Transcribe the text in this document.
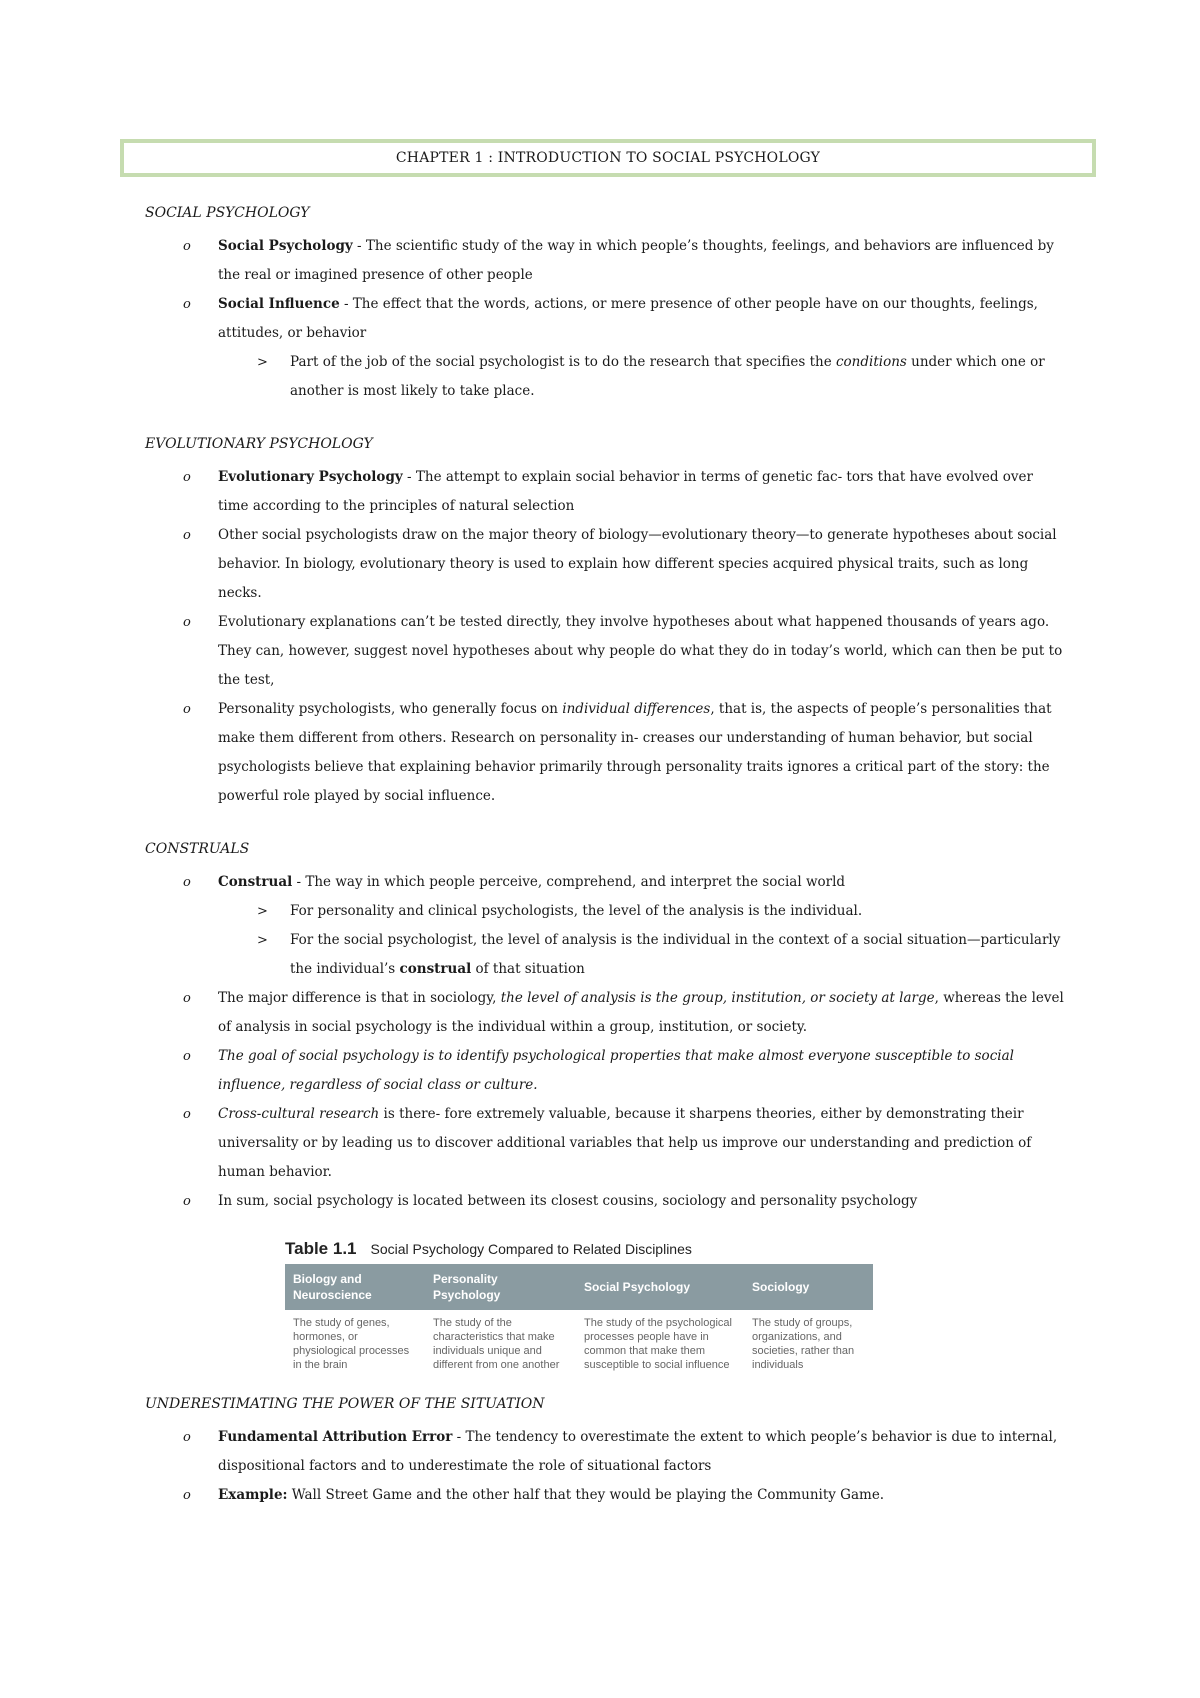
CHAPTER 1 : INTRODUCTION TO SOCIAL PSYCHOLOGY
SOCIAL PSYCHOLOGY
o Social Psychology - The scientific study of the way in which people’s thoughts, feelings, and behaviors are influenced by the real or imagined presence of other people
o Social Influence - The effect that the words, actions, or mere presence of other people have on our thoughts, feelings, attitudes, or behavior
> Part of the job of the social psychologist is to do the research that specifies the conditions under which one or another is most likely to take place.
EVOLUTIONARY PSYCHOLOGY
o Evolutionary Psychology - The attempt to explain social behavior in terms of genetic fac- tors that have evolved over time according to the principles of natural selection
o Other social psychologists draw on the major theory of biology—evolutionary theory—to generate hypotheses about social behavior. In biology, evolutionary theory is used to explain how different species acquired physical traits, such as long necks.
o Evolutionary explanations can’t be tested directly, they involve hypotheses about what happened thousands of years ago. They can, however, suggest novel hypotheses about why people do what they do in today’s world, which can then be put to the test,
o Personality psychologists, who generally focus on individual differences, that is, the aspects of people’s personalities that make them different from others. Research on personality in- creases our understanding of human behavior, but social psychologists believe that explaining behavior primarily through personality traits ignores a critical part of the story: the powerful role played by social influence.
CONSTRUALS
o Construal - The way in which people perceive, comprehend, and interpret the social world
> For personality and clinical psychologists, the level of the analysis is the individual.
> For the social psychologist, the level of analysis is the individual in the context of a social situation—particularly the individual’s construal of that situation
o The major difference is that in sociology, the level of analysis is the group, institution, or society at large, whereas the level of analysis in social psychology is the individual within a group, institution, or society.
o The goal of social psychology is to identify psychological properties that make almost everyone susceptible to social influence, regardless of social class or culture.
o Cross-cultural research is there- fore extremely valuable, because it sharpens theories, either by demonstrating their universality or by leading us to discover additional variables that help us improve our understanding and prediction of human behavior.
o In sum, social psychology is located between its closest cousins, sociology and personality psychology
Table 1.1 Social Psychology Compared to Related Disciplines
Biology and Neuroscience
Personality Psychology
Social Psychology	Sociology
The study of genes, hormones, or physiological processes in the brain
The study of the characteristics that make individuals unique and different from one another
The study of the psychological processes people have in common that make them susceptible to social influence
The study of groups, organizations, and societies, rather than individuals
UNDERESTIMATING THE POWER OF THE SITUATION
o Fundamental Attribution Error - The tendency to overestimate the extent to which people’s behavior is due to internal, dispositional factors and to underestimate the role of situational factors
o Example: Wall Street Game and the other half that they would be playing the Community Game.
